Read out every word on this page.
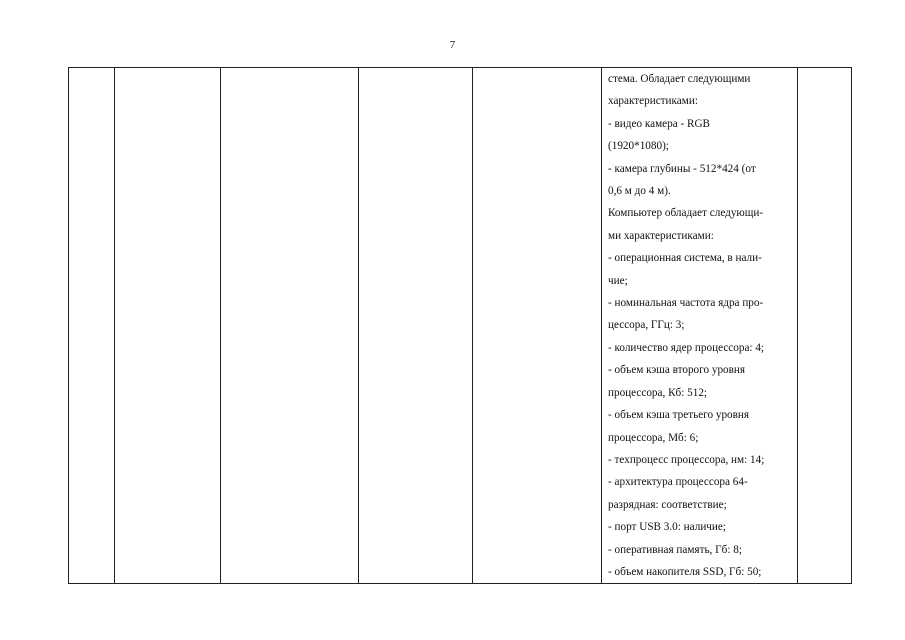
7

стема. Обладает следующими
характеристиками:
- видео камера - RGB
(1920*1080);
- камера глубины - 512*424 (от
0,6 м до 4 м).
Компьютер обладает следующи-
ми характеристиками:
- операционная система, в нали-
чие;
- номинальная частота ядра про-
цессора, ГГц: 3;
- количество ядер процессора: 4;
- объем кэша второго уровня
процессора, Кб: 512;
- объем кэша третьего уровня
процессора, Мб: 6;
- техпроцесс процессора, нм: 14;
- архитектура процессора 64-
разрядная: соответствие;
- порт USB 3.0: наличие;
- оперативная память, Гб: 8;
- объем накопителя SSD, Гб: 50;
